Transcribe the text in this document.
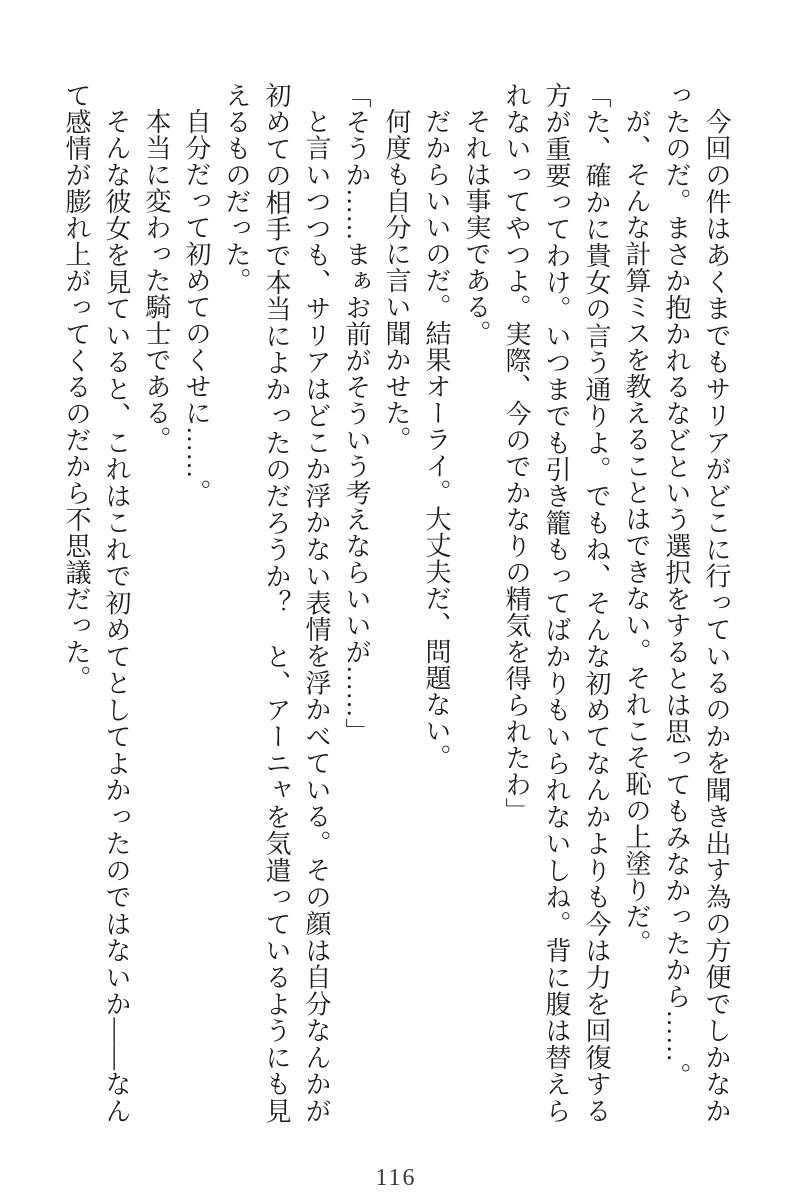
今回の件はあくまでもサリアがどこに行っているのかを聞き出す為の方便でしかなかったのだ。まさか抱かれるなどという選択をするとは思ってもみなかったから……。

が、そんな計算ミスを教えることはできない。それこそ恥の上塗りだ。

「た、確かに貴女の言う通りよ。でもね、そんな初めてなんかよりも今は力を回復する方が重要ってわけ。いつまでも引き籠もってばかりもいられないしね。背に腹は替えられないってやつよ。実際、今のでかなりの精気を得られたわ」

それは事実である。

だからいいのだ。結果オーライ。大丈夫だ、問題ない。

何度も自分に言い聞かせた。

「そうか……まぁお前がそういう考えならいいが……」

と言いつつも、サリアはどこか浮かない表情を浮かべている。その顔は自分なんかが初めての相手で本当によかったのだろうか？　と、アーニャを気遣っているようにも見えるものだった。

自分だって初めてのくせに……。

本当に変わった騎士である。

そんな彼女を見ていると、これはこれで初めてとしてよかったのではないか――なんて感情が膨れ上がってくるのだから不思議だった。

116
